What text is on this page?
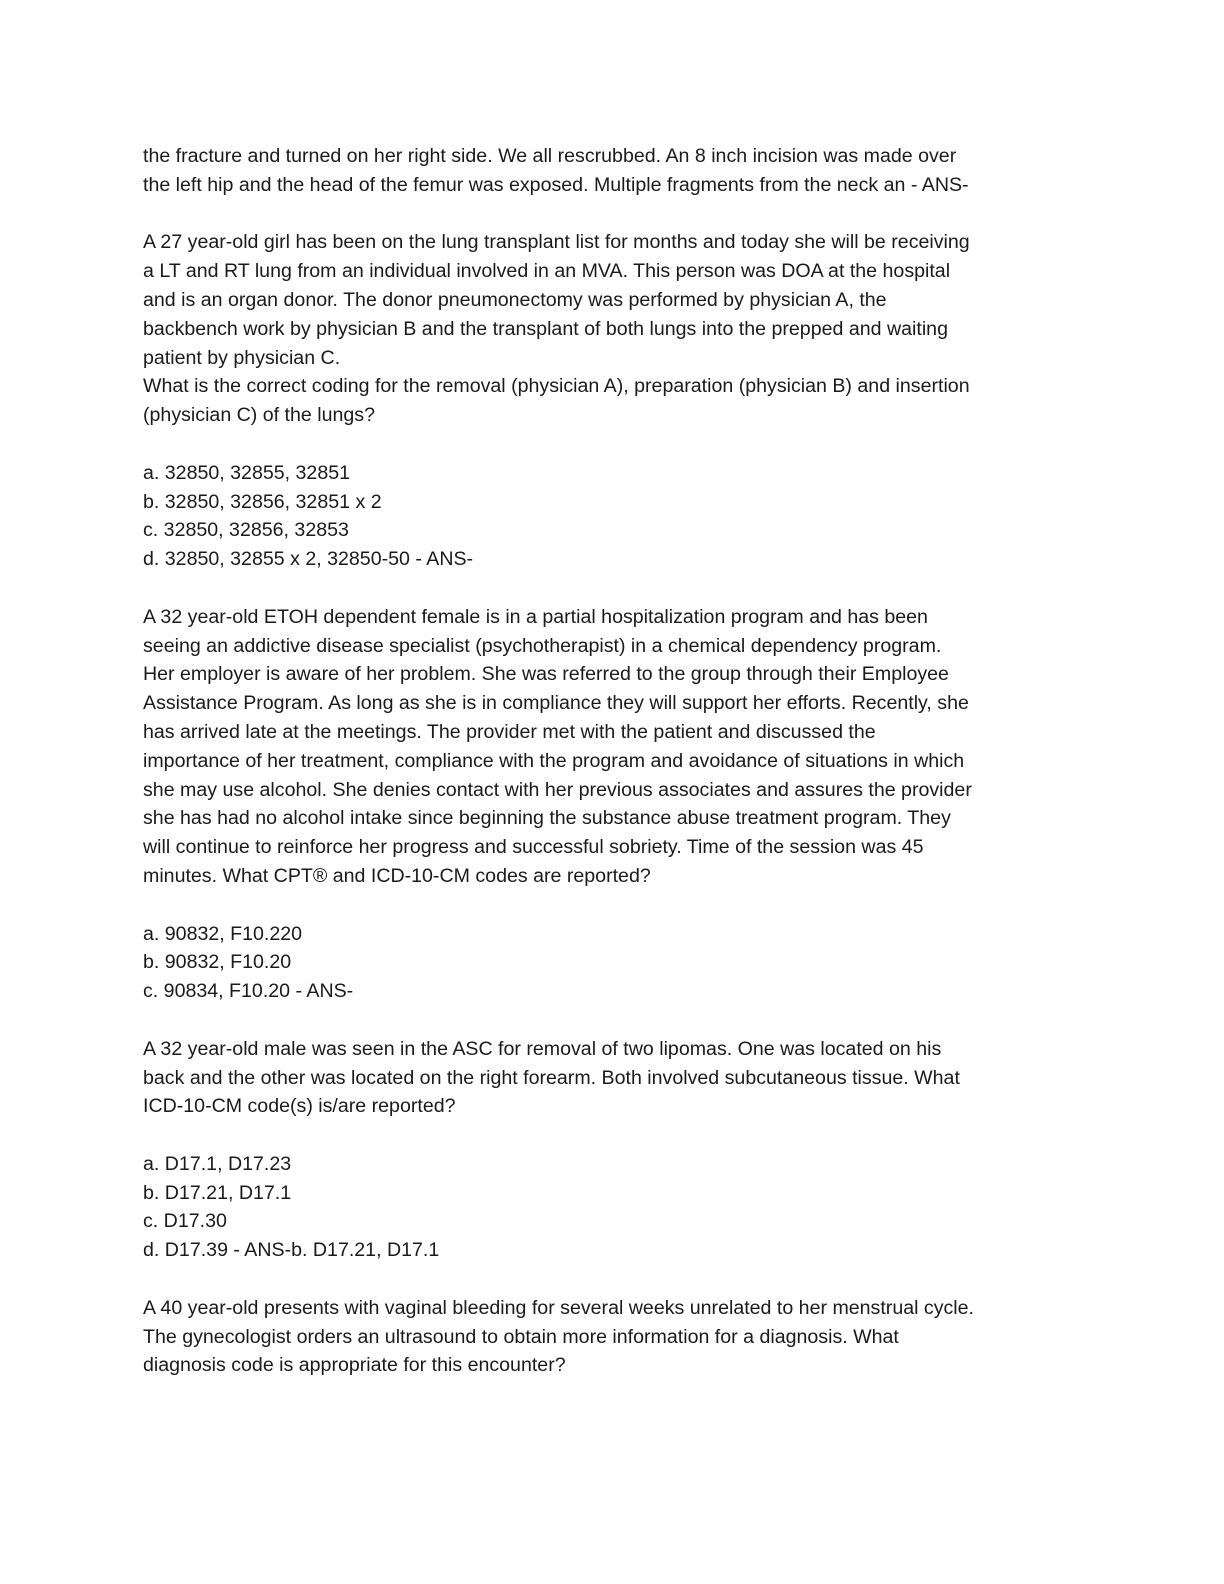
the fracture and turned on her right side. We all rescrubbed. An 8 inch incision was made over
the left hip and the head of the femur was exposed. Multiple fragments from the neck an - ANS-
A 27 year-old girl has been on the lung transplant list for months and today she will be receiving
a LT and RT lung from an individual involved in an MVA. This person was DOA at the hospital
and is an organ donor. The donor pneumonectomy was performed by physician A, the
backbench work by physician B and the transplant of both lungs into the prepped and waiting
patient by physician C.
What is the correct coding for the removal (physician A), preparation (physician B) and insertion
(physician C) of the lungs?
a. 32850, 32855, 32851
b. 32850, 32856, 32851 x 2
c. 32850, 32856, 32853
d. 32850, 32855 x 2, 32850-50 - ANS-
A 32 year-old ETOH dependent female is in a partial hospitalization program and has been
seeing an addictive disease specialist (psychotherapist) in a chemical dependency program.
Her employer is aware of her problem. She was referred to the group through their Employee
Assistance Program. As long as she is in compliance they will support her efforts. Recently, she
has arrived late at the meetings. The provider met with the patient and discussed the
importance of her treatment, compliance with the program and avoidance of situations in which
she may use alcohol. She denies contact with her previous associates and assures the provider
she has had no alcohol intake since beginning the substance abuse treatment program. They
will continue to reinforce her progress and successful sobriety. Time of the session was 45
minutes. What CPT® and ICD-10-CM codes are reported?
a. 90832, F10.220
b. 90832, F10.20
c. 90834, F10.20 - ANS-
A 32 year-old male was seen in the ASC for removal of two lipomas. One was located on his
back and the other was located on the right forearm. Both involved subcutaneous tissue. What
ICD-10-CM code(s) is/are reported?
a. D17.1, D17.23
b. D17.21, D17.1
c. D17.30
d. D17.39 - ANS-b. D17.21, D17.1
A 40 year-old presents with vaginal bleeding for several weeks unrelated to her menstrual cycle.
The gynecologist orders an ultrasound to obtain more information for a diagnosis. What
diagnosis code is appropriate for this encounter?
